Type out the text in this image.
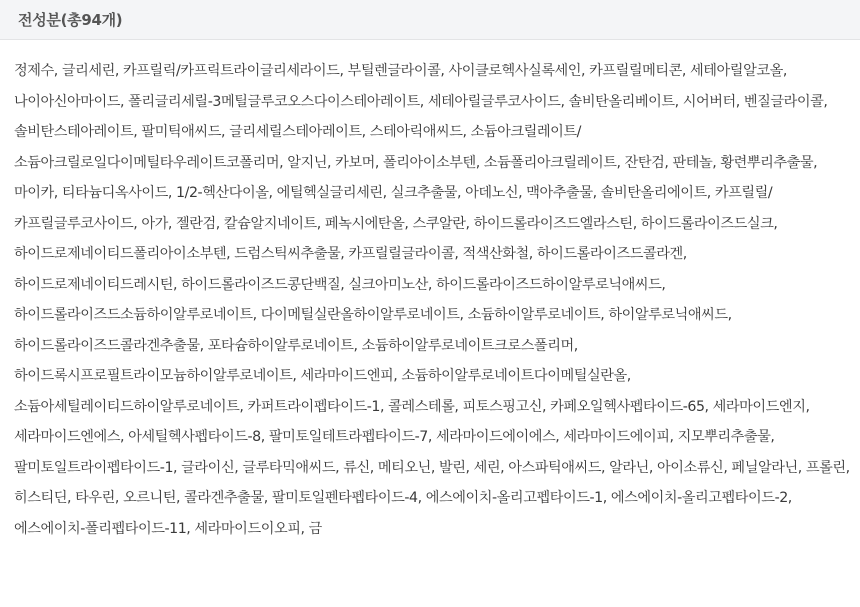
전성분(총94개)

정제수, 글리세린, 카프릴릭/카프릭트라이글리세라이드, 부틸렌글라이콜, 사이클로헥사실록세인, 카프릴릴메티콘, 세테아릴알코올, 나이아신아마이드, 폴리글리세릴-3메틸글루코오스다이스테아레이트, 세테아릴글루코사이드, 솔비탄올리베이트, 시어버터, 벤질글라이콜, 솔비탄스테아레이트, 팔미틱애씨드, 글리세릴스테아레이트, 스테아릭애씨드, 소듐아크릴레이트/소듐아크릴로일다이메틸타우레이트코폴리머, 알지닌, 카보머, 폴리아이소부텐, 소듐폴리아크릴레이트, 잔탄검, 판테놀, 황련뿌리추출물, 마이카, 티타늄디옥사이드, 1/2-헥산다이올, 에틸헥실글리세린, 실크추출물, 아데노신, 맥아추출물, 솔비탄올리에이트, 카프릴릴/카프릴글루코사이드, 아가, 젤란검, 칼슘알지네이트, 페녹시에탄올, 스쿠알란, 하이드롤라이즈드엘라스틴, 하이드롤라이즈드실크, 하이드로제네이티드폴리아이소부텐, 드럼스틱씨추출물, 카프릴릴글라이콜, 적색산화철, 하이드롤라이즈드콜라겐, 하이드로제네이티드레시틴, 하이드롤라이즈드콩단백질, 실크아미노산, 하이드롤라이즈드하이알루로닉애씨드, 하이드롤라이즈드소듐하이알루로네이트, 다이메틸실란올하이알루로네이트, 소듐하이알루로네이트, 하이알루로닉애씨드, 하이드롤라이즈드콜라겐추출물, 포타슘하이알루로네이트, 소듐하이알루로네이트크로스폴리머, 하이드록시프로필트라이모늄하이알루로네이트, 세라마이드엔피, 소듐하이알루로네이트다이메틸실란올, 소듐아세틸레이티드하이알루로네이트, 카퍼트라이펩타이드-1, 콜레스테롤, 피토스핑고신, 카페오일헥사펩타이드-65, 세라마이드엔지, 세라마이드엔에스, 아세틸헥사펩타이드-8, 팔미토일테트라펩타이드-7, 세라마이드에이에스, 세라마이드에이피, 지모뿌리추출물, 팔미토일트라이펩타이드-1, 글라이신, 글루타믹애씨드, 류신, 메티오닌, 발린, 세린, 아스파틱애씨드, 알라닌, 아이소류신, 페닐알라닌, 프롤린, 히스티딘, 타우린, 오르니틴, 콜라겐추출물, 팔미토일펜타펩타이드-4, 에스에이치-올리고펩타이드-1, 에스에이치-올리고펩타이드-2, 에스에이치-폴리펩타이드-11, 세라마이드이오피, 금
